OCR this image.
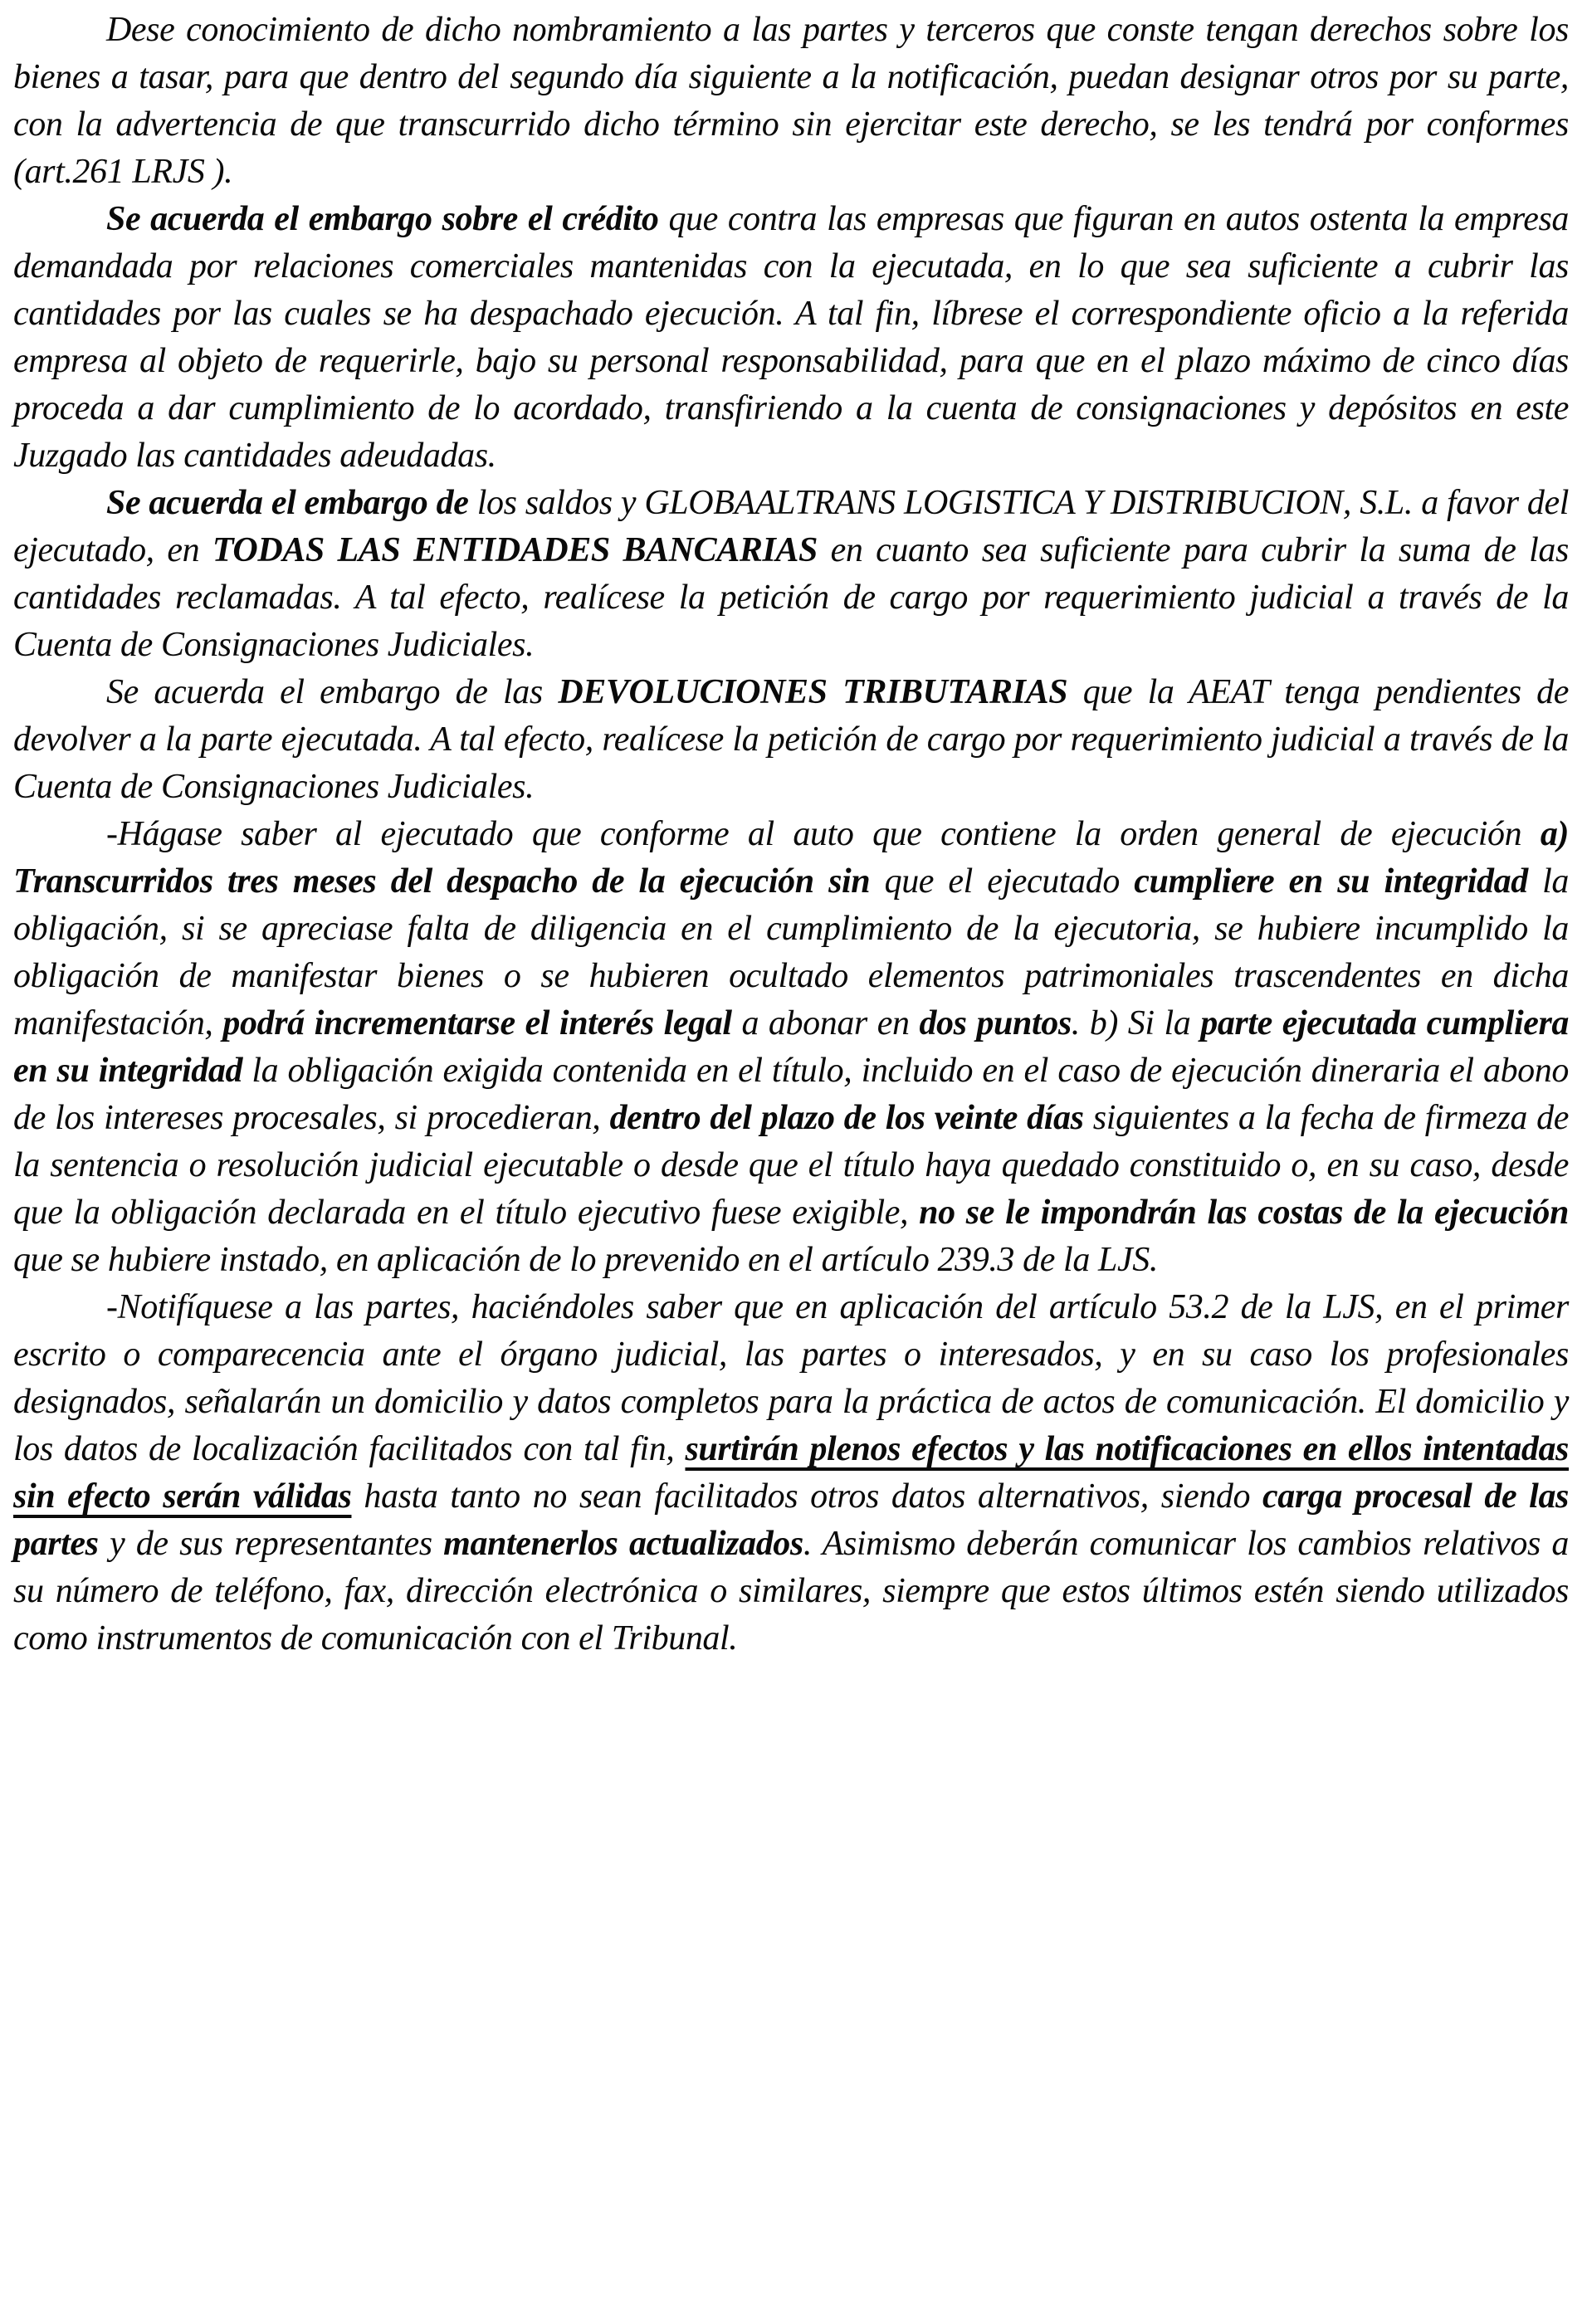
Dese conocimiento de dicho nombramiento a las partes y terceros que conste tengan derechos sobre los bienes a tasar, para que dentro del segundo día siguiente a la notificación, puedan designar otros por su parte, con la advertencia de que transcurrido dicho término sin ejercitar este derecho, se les tendrá por conformes (art.261 LRJS ).

Se acuerda el embargo sobre el crédito que contra las empresas que figuran en autos ostenta la empresa demandada por relaciones comerciales mantenidas con la ejecutada, en lo que sea suficiente a cubrir las cantidades por las cuales se ha despachado ejecución. A tal fin, líbrese el correspondiente oficio a la referida empresa al objeto de requerirle, bajo su personal responsabilidad, para que en el plazo máximo de cinco días proceda a dar cumplimiento de lo acordado, transfiriendo a la cuenta de consignaciones y depósitos en este Juzgado las cantidades adeudadas.

Se acuerda el embargo de los saldos y GLOBAALTRANS LOGISTICA Y DISTRIBUCION, S.L. a favor del ejecutado, en TODAS LAS ENTIDADES BANCARIAS en cuanto sea suficiente para cubrir la suma de las cantidades reclamadas. A tal efecto, realícese la petición de cargo por requerimiento judicial a través de la Cuenta de Consignaciones Judiciales.

Se acuerda el embargo de las DEVOLUCIONES TRIBUTARIAS que la AEAT tenga pendientes de devolver a la parte ejecutada. A tal efecto, realícese la petición de cargo por requerimiento judicial a través de la Cuenta de Consignaciones Judiciales.

-Hágase saber al ejecutado que conforme al auto que contiene la orden general de ejecución a) Transcurridos tres meses del despacho de la ejecución sin que el ejecutado cumpliere en su integridad la obligación, si se apreciase falta de diligencia en el cumplimiento de la ejecutoria, se hubiere incumplido la obligación de manifestar bienes o se hubieren ocultado elementos patrimoniales trascendentes en dicha manifestación, podrá incrementarse el interés legal a abonar en dos puntos. b) Si la parte ejecutada cumpliera en su integridad la obligación exigida contenida en el título, incluido en el caso de ejecución dineraria el abono de los intereses procesales, si procedieran, dentro del plazo de los veinte días siguientes a la fecha de firmeza de la sentencia o resolución judicial ejecutable o desde que el título haya quedado constituido o, en su caso, desde que la obligación declarada en el título ejecutivo fuese exigible, no se le impondrán las costas de la ejecución que se hubiere instado, en aplicación de lo prevenido en el artículo 239.3 de la LJS.

-Notifíquese a las partes, haciéndoles saber que en aplicación del artículo 53.2 de la LJS, en el primer escrito o comparecencia ante el órgano judicial, las partes o interesados, y en su caso los profesionales designados, señalarán un domicilio y datos completos para la práctica de actos de comunicación. El domicilio y los datos de localización facilitados con tal fin, surtirán plenos efectos y las notificaciones en ellos intentadas sin efecto serán válidas hasta tanto no sean facilitados otros datos alternativos, siendo carga procesal de las partes y de sus representantes mantenerlos actualizados. Asimismo deberán comunicar los cambios relativos a su número de teléfono, fax, dirección electrónica o similares, siempre que estos últimos estén siendo utilizados como instrumentos de comunicación con el Tribunal.
